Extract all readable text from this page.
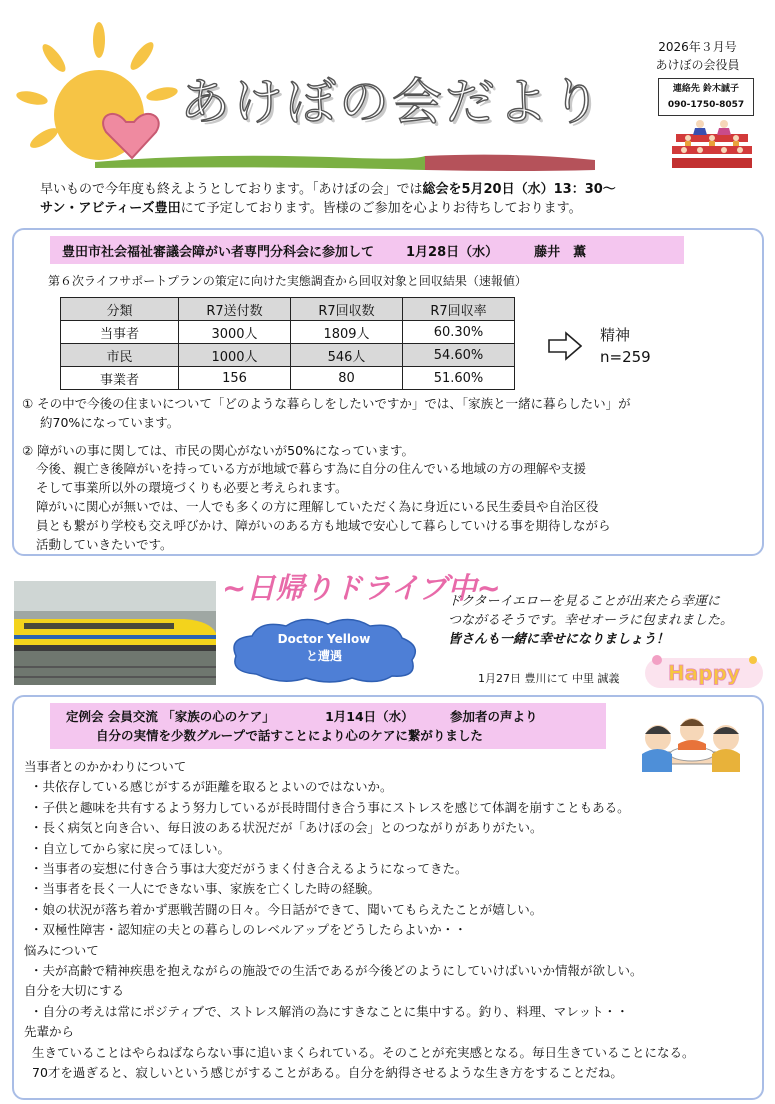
あけぼの会だより
2026年３月号
あけぼの会役員
連絡先 鈴木誠子
090-1750-8057
早いもので今年度も終えようとしております。「あけぼの会」では総会を5月20日（水）13：30～
サン・アビティーズ豊田にて予定しております。皆様のご参加を心よりお待ちしております。
豊田市社会福祉審議会障がい者専門分科会に参加して 1月28日（水）	藤井　薫
第６次ライフサポートプランの策定に向けた実態調査から回収対象と回収結果（速報値）
分類	R7送付数	R7回収数	R7回収率
当事者	3000人	1809人	60.30%
市民	1000人	546人	54.60%
事業者	156	80	51.60%
精神
n=259
① その中で今後の住まいについて「どのような暮らしをしたいですか」では、「家族と一緒に暮らしたい」が
約70%になっています。
② 障がいの事に関しては、市民の関心がないが50%になっています。
今後、親亡き後障がいを持っている方が地域で暮らす為に自分の住んでいる地域の方の理解や支援
そして事業所以外の環境づくりも必要と考えられます。
障がいに関心が無いでは、一人でも多くの方に理解していただく為に身近にいる民生委員や自治区役
員とも繋がり学校も交え呼びかけ、障がいのある方も地域で安心して暮らしていける事を期待しながら
活動していきたいです。
~日帰りドライブ中~
Doctor Yellow
と遭遇
ドクターイエローを見ることが出来たら幸運に
つながるそうです。幸せオーラに包まれました。
皆さんも一緒に幸せになりましょう！
1月27日 豊川にて 中里 誠義 Happy
定例会 会員交流 「家族の心のケア」	1月14日（水）	参加者の声より
自分の実情を少数グループで話すことにより心のケアに繋がりました
当事者とのかかわりについて
・共依存している感じがするが距離を取るとよいのではないか。
・子供と趣味を共有するよう努力しているが長時間付き合う事にストレスを感じて体調を崩すこともある。
・長く病気と向き合い、毎日波のある状況だが「あけぼの会」とのつながりがありがたい。
・自立してから家に戻ってほしい。
・当事者の妄想に付き合う事は大変だがうまく付き合えるようになってきた。
・当事者を長く一人にできない事、家族を亡くした時の経験。
・娘の状況が落ち着かず悪戦苦闘の日々。今日話ができて、聞いてもらえたことが嬉しい。
・双極性障害・認知症の夫との暮らしのレベルアップをどうしたらよいか・・
悩みについて
・夫が高齢で精神疾患を抱えながらの施設での生活であるが今後どのようにしていけばいいか情報が欲しい。
自分を大切にする
・自分の考えは常にポジティブで、ストレス解消の為にすきなことに集中する。釣り、料理、マレット・・
先輩から
生きていることはやらねばならない事に追いまくられている。そのことが充実感となる。毎日生きていることになる。
70才を過ぎると、寂しいという感じがすることがある。自分を納得させるような生き方をすることだね。
